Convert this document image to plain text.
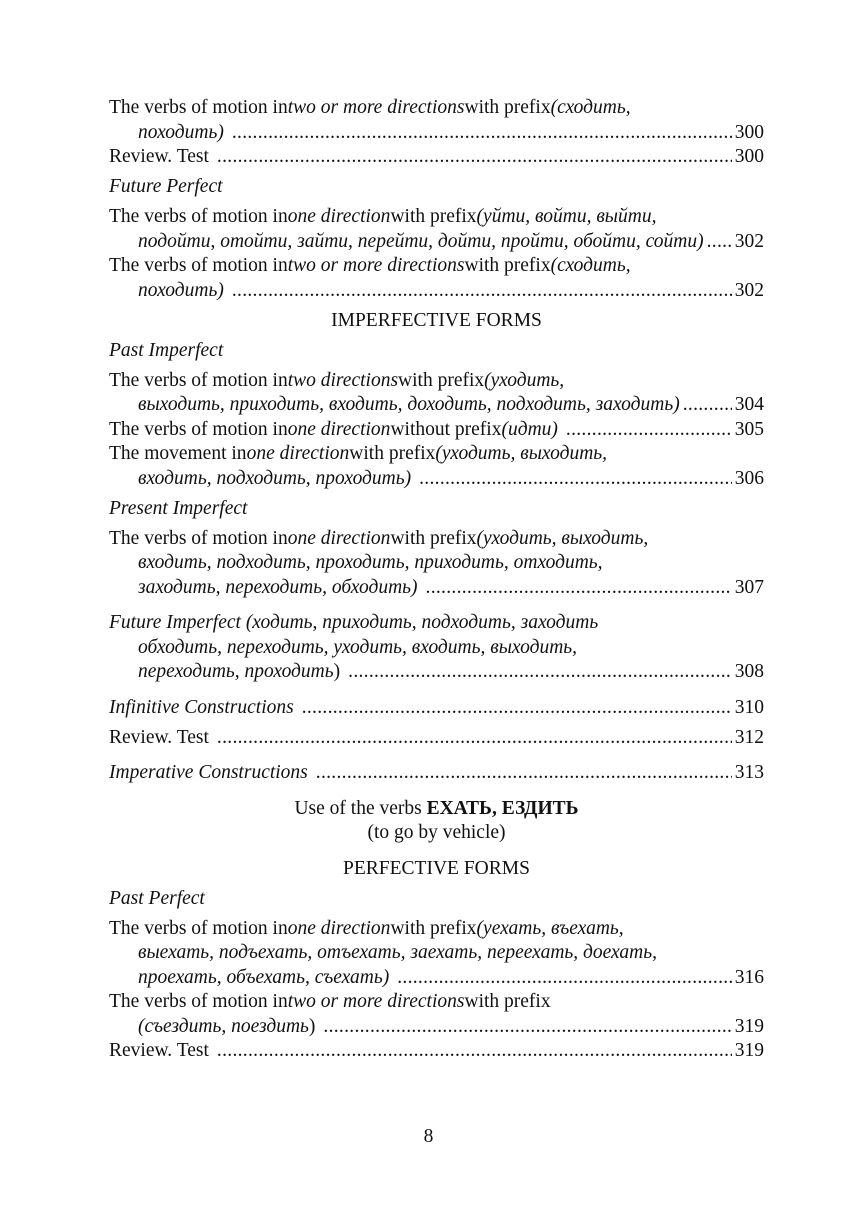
The verbs of motion in two or more directions with prefix (сходить,
походить) .....	300
Review. Test .....	300
Future Perfect
The verbs of motion in one direction with prefix (уйти, войти, выйти,
подойти, отойти, зайти, перейти, дойти, пройти, обойти, сойти) ..... 302
The verbs of motion in two or more directions with prefix (сходить,
походить) .....	302
IMPERFECTIVE FORMS
Past Imperfect
The verbs of motion in two directions with prefix (уходить,
выходить, приходить, входить, доходить, подходить, заходить) .....	304
The verbs of motion in one direction without prefix (идти) .....	305
The movement in one direction with prefix (уходить, выходить,
входить, подходить, проходить) .....	306
Present Imperfect
The verbs of motion in one direction with prefix (уходить, выходить,
входить, подходить, проходить, приходить, отходить,
заходить, переходить, обходить) .....	307
Future Imperfect (ходить, приходить, подходить, заходить
обходить, переходить, уходить, входить, выходить,
переходить, проходить ) .....	308
Infinitive Constructions .....	310
Review. Test .....	312
Imperative Constructions .....	313
Use of the verbs ЕХАТЬ, ЕЗДИТЬ
(to go by vehicle)
PERFECTIVE FORMS
Past Perfect
The verbs of motion in one direction with prefix (уехать, въехать,
выехать, подъехать, отъехать, заехать, переехать, доехать,
проехать, объехать, съехать) .....	316
The verbs of motion in two or more directions with prefix
(съездить, поездить ) .....	319
Review. Test .....	319
8
